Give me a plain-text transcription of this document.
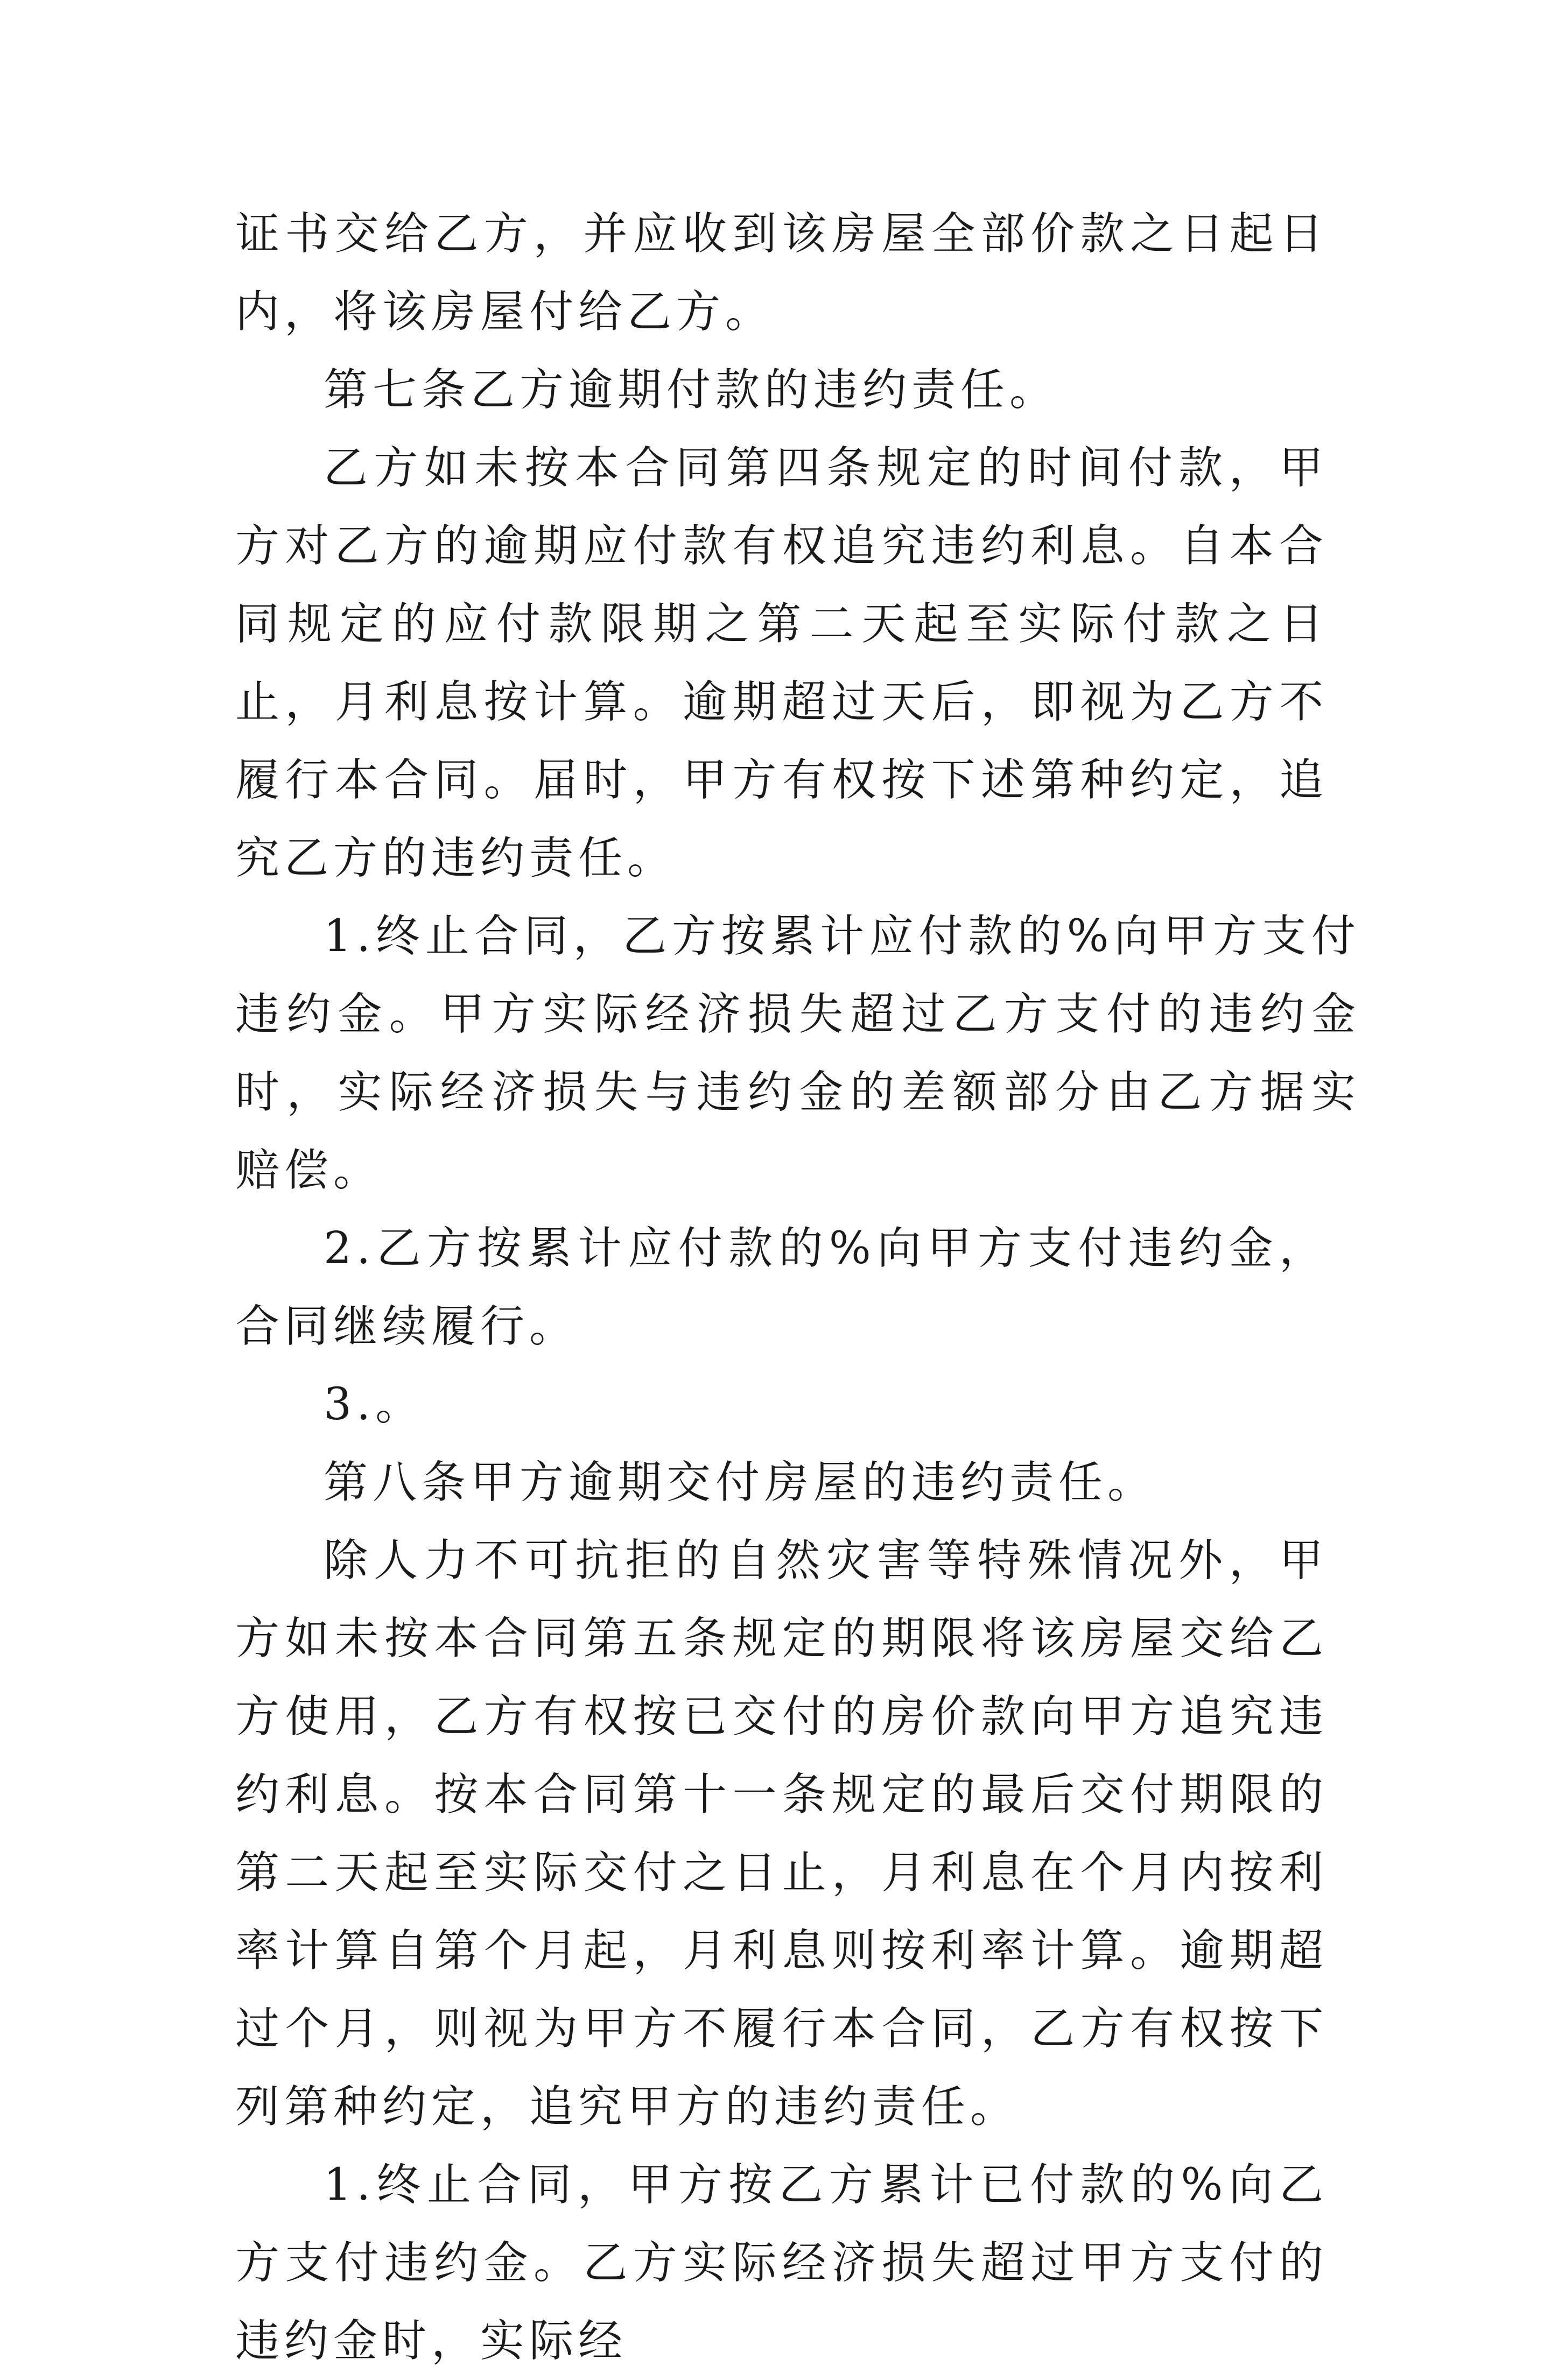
证书交给乙方，并应收到该房屋全部价款之日起日内，将该房屋付给乙方。

第七条乙方逾期付款的违约责任。

乙方如未按本合同第四条规定的时间付款，甲方对乙方的逾期应付款有权追究违约利息。自本合同规定的应付款限期之第二天起至实际付款之日止，月利息按计算。逾期超过天后，即视为乙方不履行本合同。届时，甲方有权按下述第种约定，追究乙方的违约责任。

1.终止合同，乙方按累计应付款的%向甲方支付违约金。甲方实际经济损失超过乙方支付的违约金时，实际经济损失与违约金的差额部分由乙方据实赔偿。

2.乙方按累计应付款的%向甲方支付违约金，合同继续履行。

3.。

第八条甲方逾期交付房屋的违约责任。

除人力不可抗拒的自然灾害等特殊情况外，甲方如未按本合同第五条规定的期限将该房屋交给乙方使用，乙方有权按已交付的房价款向甲方追究违约利息。按本合同第十一条规定的最后交付期限的第二天起至实际交付之日止，月利息在个月内按利率计算自第个月起，月利息则按利率计算。逾期超过个月，则视为甲方不履行本合同，乙方有权按下列第种约定，追究甲方的违约责任。

1.终止合同，甲方按乙方累计已付款的%向乙方支付违约金。乙方实际经济损失超过甲方支付的违约金时，实际经
